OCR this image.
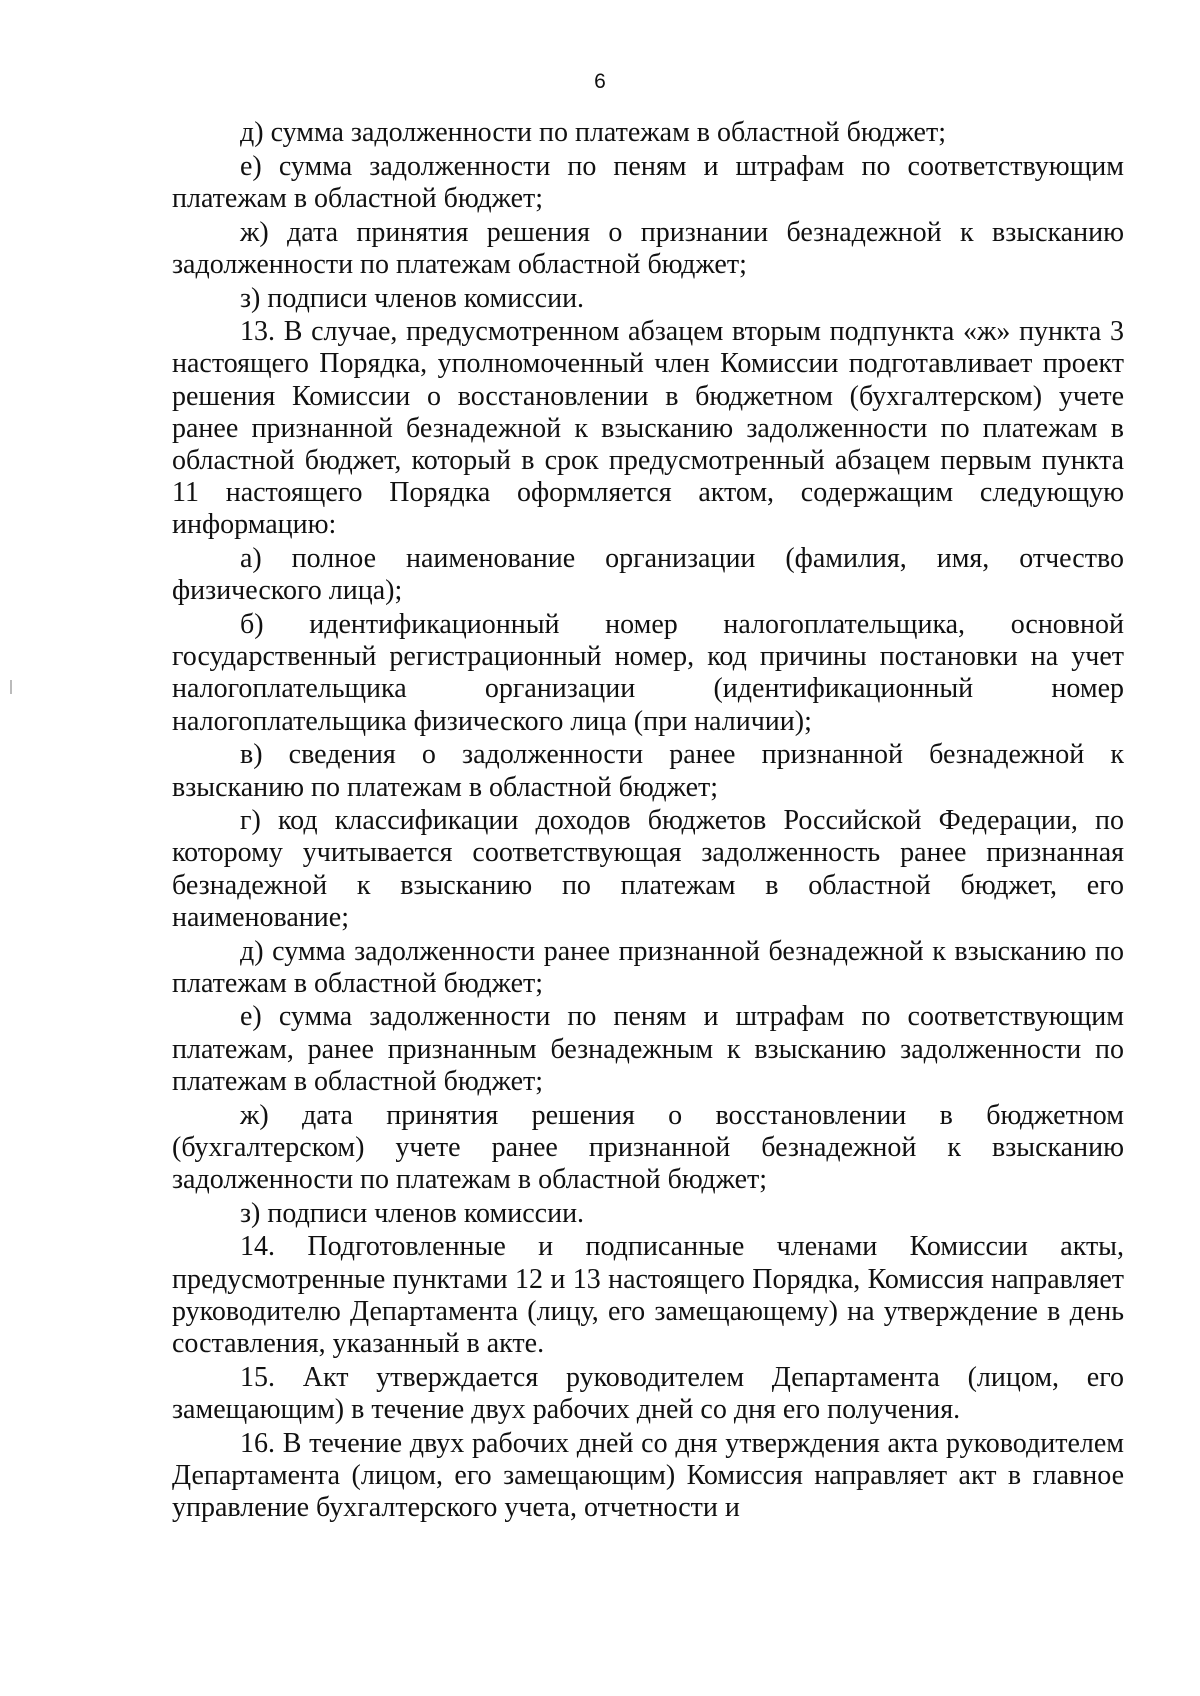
6

д) сумма задолженности по платежам в областной бюджет;

е) сумма задолженности по пеням и штрафам по соответствующим платежам в областной бюджет;

ж) дата принятия решения о признании безнадежной к взысканию задолженности по платежам областной бюджет;

з) подписи членов комиссии.

13. В случае, предусмотренном абзацем вторым подпункта «ж» пункта 3 настоящего Порядка, уполномоченный член Комиссии подготавливает проект решения Комиссии о восстановлении в бюджетном (бухгалтерском) учете ранее признанной безнадежной к взысканию задолженности по платежам в областной бюджет, который в срок предусмотренный абзацем первым пункта 11 настоящего Порядка оформляется актом, содержащим следующую информацию:

а) полное наименование организации (фамилия, имя, отчество физического лица);

б) идентификационный номер налогоплательщика, основной государственный регистрационный номер, код причины постановки на учет налогоплательщика организации (идентификационный номер налогоплательщика физического лица (при наличии);

в) сведения о задолженности ранее признанной безнадежной к взысканию по платежам в областной бюджет;

г) код классификации доходов бюджетов Российской Федерации, по которому учитывается соответствующая задолженность ранее признанная безнадежной к взысканию по платежам в областной бюджет, его наименование;

д) сумма задолженности ранее признанной безнадежной к взысканию по платежам в областной бюджет;

е) сумма задолженности по пеням и штрафам по соответствующим платежам, ранее признанным безнадежным к взысканию задолженности по платежам в областной бюджет;

ж) дата принятия решения о восстановлении в бюджетном (бухгалтерском) учете ранее признанной безнадежной к взысканию задолженности по платежам в областной бюджет;

з) подписи членов комиссии.

14. Подготовленные и подписанные членами Комиссии акты, предусмотренные пунктами 12 и 13 настоящего Порядка, Комиссия направляет руководителю Департамента (лицу, его замещающему) на утверждение в день составления, указанный в акте.

15. Акт утверждается руководителем Департамента (лицом, его замещающим) в течение двух рабочих дней со дня его получения.

16. В течение двух рабочих дней со дня утверждения акта руководителем Департамента (лицом, его замещающим) Комиссия направляет акт в главное управление бухгалтерского учета, отчетности и
